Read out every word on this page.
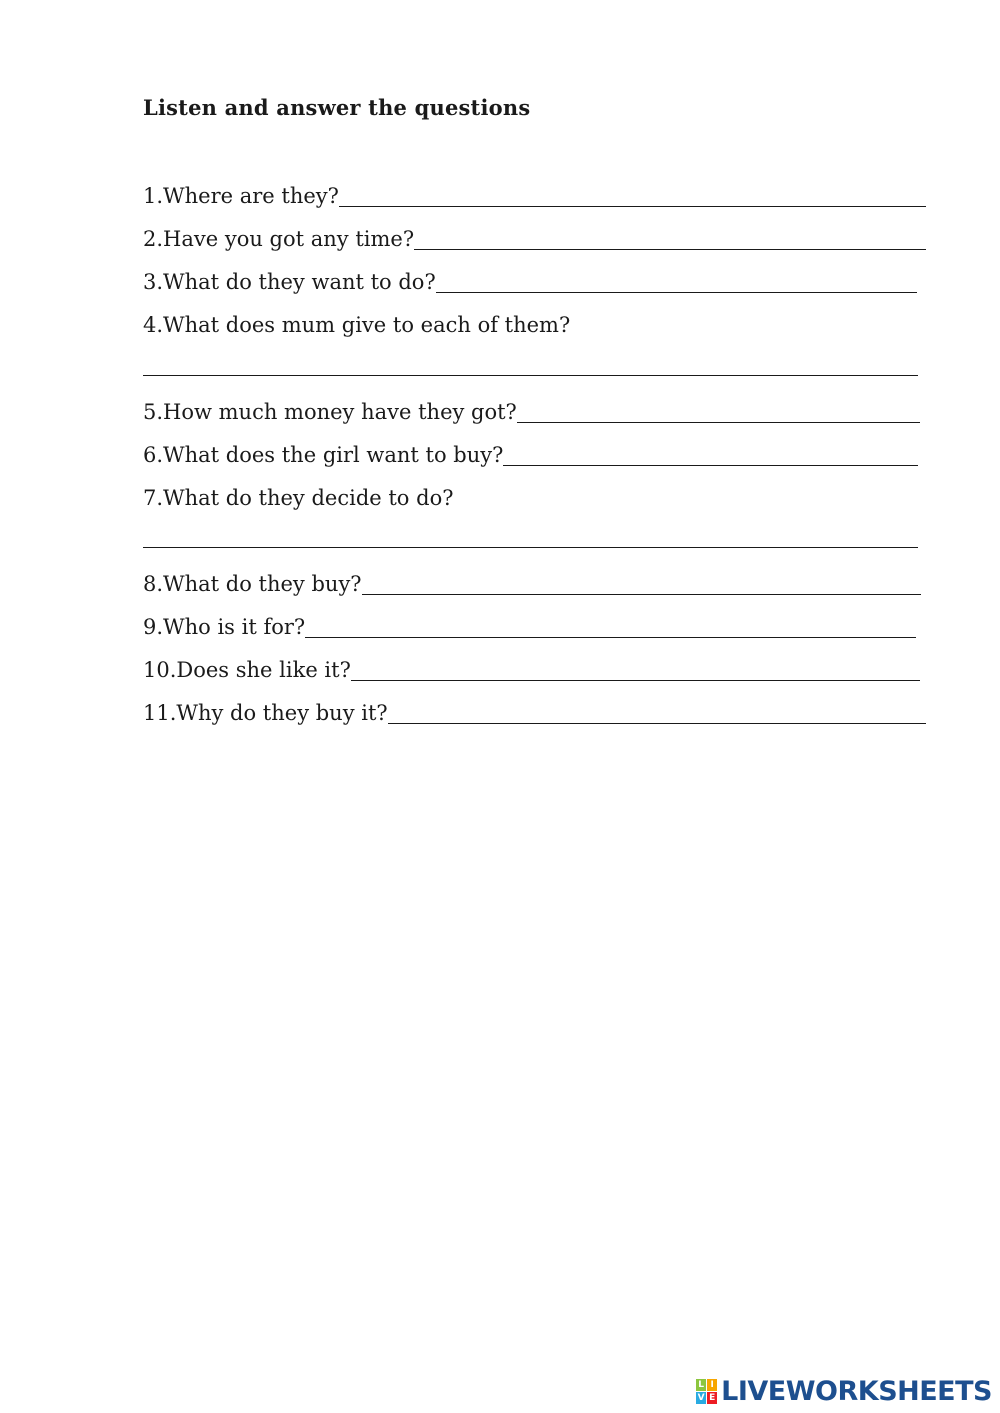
Listen and answer the questions
1.Where are they?
2.Have you got any time?
3.What do they want to do?
4.What does mum give to each of them?
5.How much money have they got?
6.What does the girl want to buy?
7.What do they decide to do?
8.What do they buy?
9.Who is it for?
10.Does she like it?
11.Why do they buy it?
L I
V E LIVEWORKSHEETS
